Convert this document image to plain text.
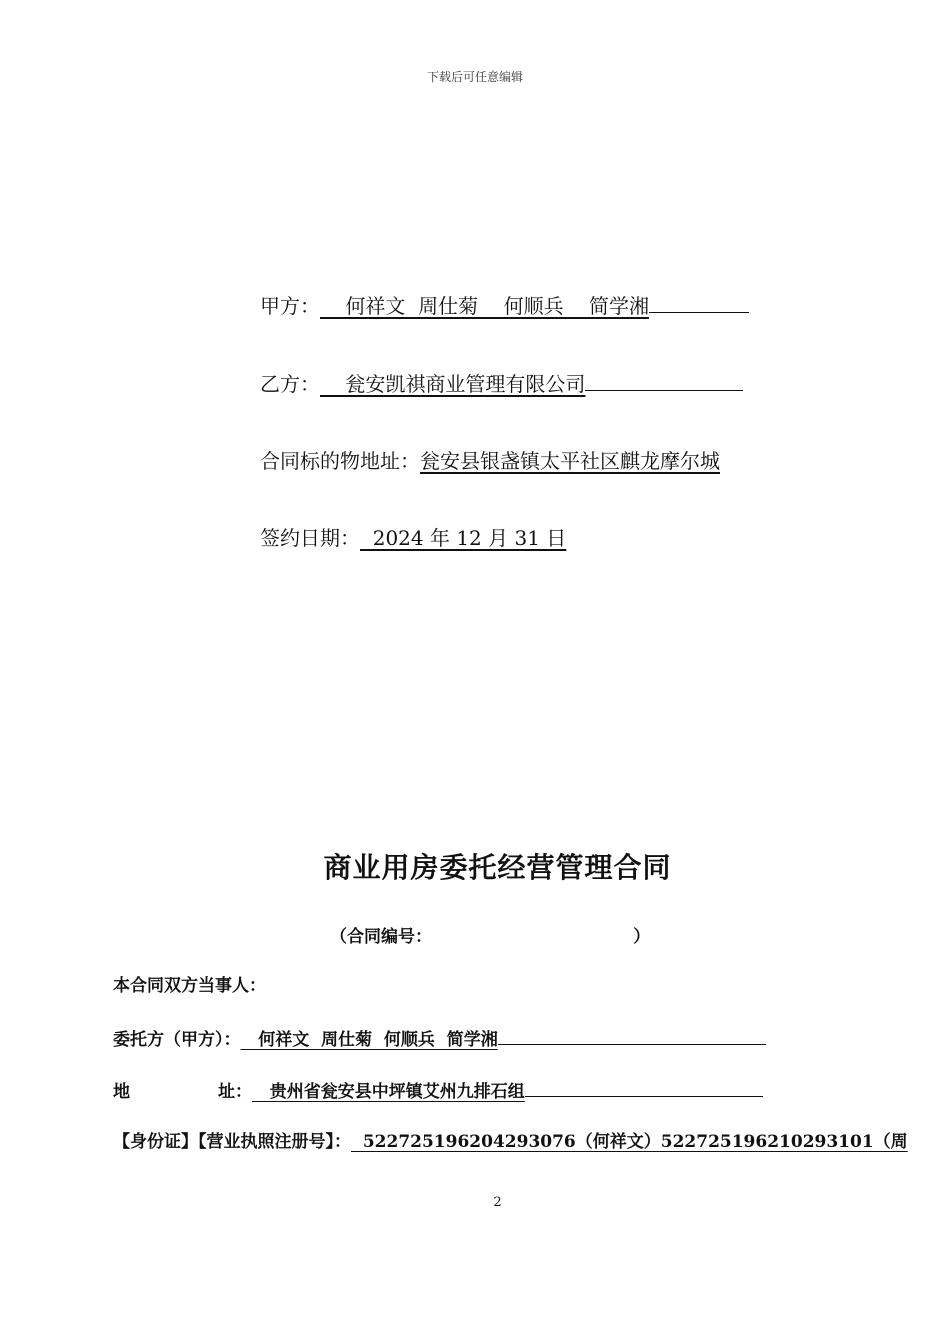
下载后可任意编辑
甲方：    何祥文  周仕菊    何顺兵    简学湘
乙方：    瓮安凯祺商业管理有限公司
合同标的物地址：瓮安县银盏镇太平社区麒龙摩尔城
签约日期：  2024 年 12 月 31 日
商业用房委托经营管理合同
（合同编号：                                  ）
本合同双方当事人：
委托方（甲方）：   何祥文  周仕菊  何顺兵  简学湘
地	址：   贵州省瓮安县中坪镇艾州九排石组
【身份证】【营业执照注册号】：  522725196204293076（何祥文）522725196210293101（周
2
